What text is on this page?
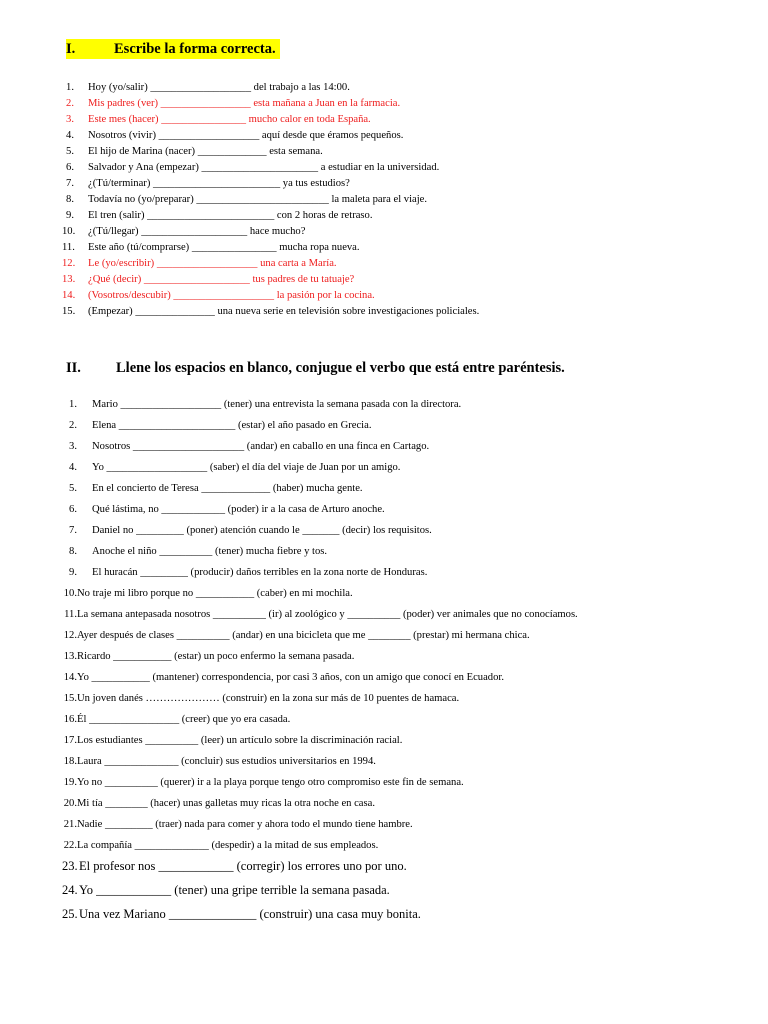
I.	Escribe la forma correcta.
1. Hoy (yo/salir) ___________________ del trabajo a las 14:00.
2. Mis padres (ver) _________________ esta mañana a Juan en la farmacia.
3. Este mes (hacer) ________________ mucho calor en toda España.
4. Nosotros (vivir) ___________________ aquí desde que éramos pequeños.
5. El hijo de Marina (nacer) _____________ esta semana.
6. Salvador y Ana (empezar) ______________________ a estudiar en la universidad.
7. ¿(Tú/terminar) ________________________ ya tus estudios?
8. Todavía no (yo/preparar) _________________________ la maleta para el viaje.
9. El tren (salir) ________________________ con 2 horas de retraso.
10. ¿(Tú/llegar) ____________________ hace mucho?
11. Este año (tú/comprarse) ________________ mucha ropa nueva.
12. Le (yo/escribir) ___________________ una carta a María.
13. ¿Qué (decir) ____________________ tus padres de tu tatuaje?
14. (Vosotros/descubir) ___________________ la pasión por la cocina.
15. (Empezar) _______________ una nueva serie en televisión sobre investigaciones policiales.
II. Llene los espacios en blanco, conjugue el verbo que está entre paréntesis.
1. Mario ___________________ (tener) una entrevista la semana pasada con la directora.
2. Elena ______________________ (estar) el año pasado en Grecia.
3. Nosotros _____________________ (andar) en caballo en una finca en Cartago.
4. Yo ___________________ (saber) el día del viaje de Juan por un amigo.
5. En el concierto de Teresa _____________ (haber) mucha gente.
6. Qué lástima, no ____________ (poder) ir a la casa de Arturo anoche.
7. Daniel no _________ (poner) atención cuando le _______ (decir) los requisitos.
8. Anoche el niño __________ (tener) mucha fiebre y tos.
9. El huracán _________ (producir) daños terribles en la zona norte de Honduras.
10.No traje mi libro porque no ___________ (caber) en mi mochila.
11.La semana antepasada nosotros __________ (ir) al zoológico y __________ (poder) ver animales que no conocíamos.
12.Ayer después de clases __________ (andar) en una bicicleta que me ________ (prestar) mi hermana chica.
13.Ricardo ___________ (estar) un poco enfermo la semana pasada.
14.Yo ___________ (mantener) correspondencia, por casi 3 años, con un amigo que conocí en Ecuador.
15.Un joven danés ………………… (construir) en la zona sur más de 10 puentes de hamaca.
16.Él _________________ (creer) que yo era casada.
17.Los estudiantes __________ (leer) un artículo sobre la discriminación racial.
18.Laura ______________ (concluir) sus estudios universitarios en 1994.
19.Yo no __________ (querer) ir a la playa porque tengo otro compromiso este fin de semana.
20.Mi tía ________ (hacer) unas galletas muy ricas la otra noche en casa.
21.Nadie _________ (traer) nada para comer y ahora todo el mundo tiene hambre.
22.La compañía ______________ (despedir) a la mitad de sus empleados.
23.El profesor nos ____________ (corregir) los errores uno por uno.
24.Yo ____________ (tener) una gripe terrible la semana pasada.
25.Una vez Mariano ______________ (construir) una casa muy bonita.
